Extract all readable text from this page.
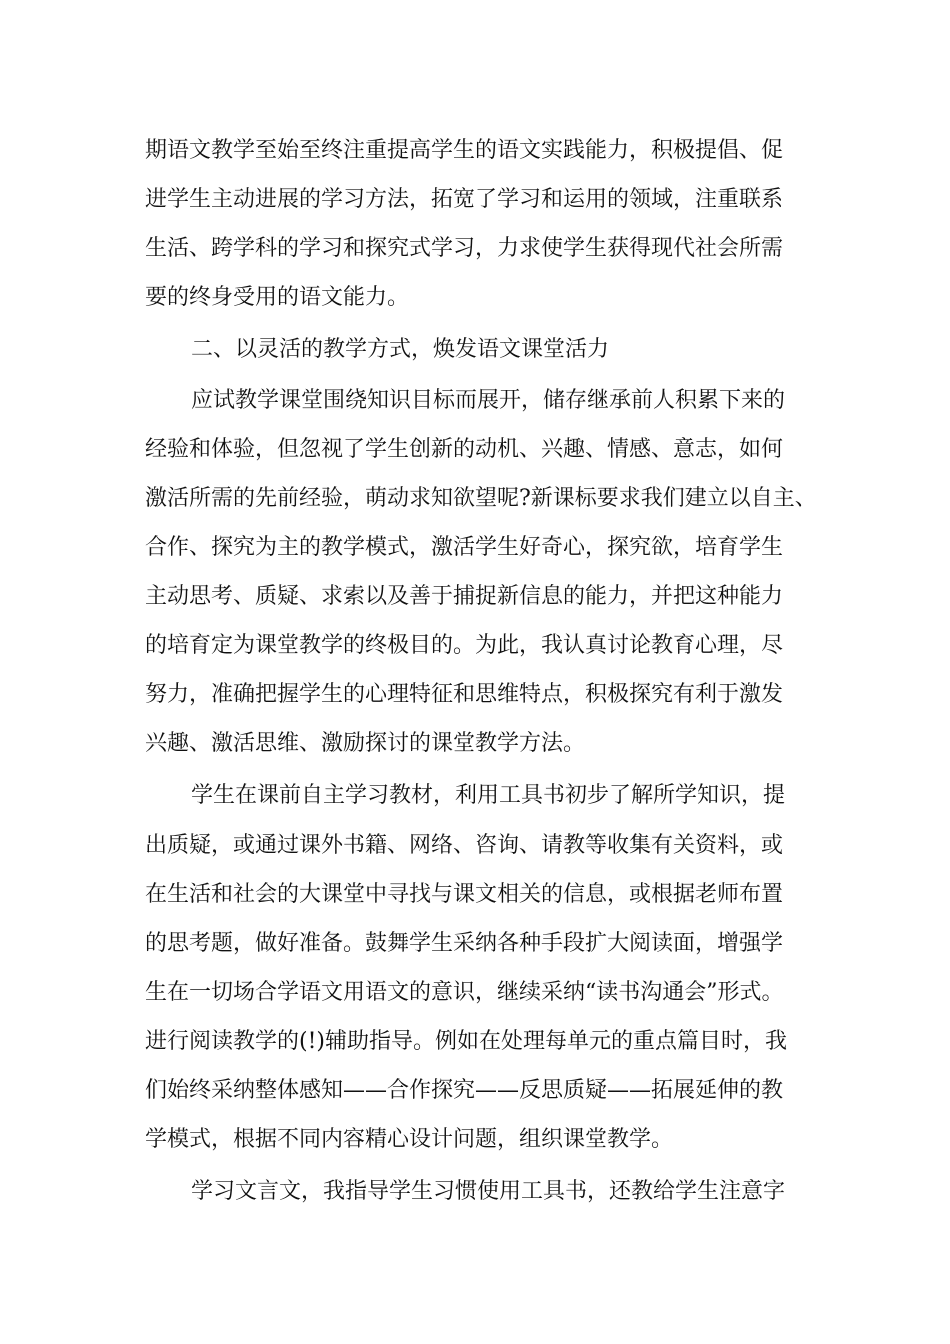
期语文教学至始至终注重提高学生的语文实践能力，积极提倡、促
进学生主动进展的学习方法，拓宽了学习和运用的领域，注重联系
生活、跨学科的学习和探究式学习，力求使学生获得现代社会所需
要的终身受用的语文能力。
二、以灵活的教学方式，焕发语文课堂活力
应试教学课堂围绕知识目标而展开，储存继承前人积累下来的
经验和体验，但忽视了学生创新的动机、兴趣、情感、意志，如何
激活所需的先前经验，萌动求知欲望呢?新课标要求我们建立以自主、
合作、探究为主的教学模式，激活学生好奇心，探究欲，培育学生
主动思考、质疑、求索以及善于捕捉新信息的能力，并把这种能力
的培育定为课堂教学的终极目的。为此，我认真讨论教育心理，尽
努力，准确把握学生的心理特征和思维特点，积极探究有利于激发
兴趣、激活思维、激励探讨的课堂教学方法。
学生在课前自主学习教材，利用工具书初步了解所学知识，提
出质疑，或通过课外书籍、网络、咨询、请教等收集有关资料，或
在生活和社会的大课堂中寻找与课文相关的信息，或根据老师布置
的思考题，做好准备。鼓舞学生采纳各种手段扩大阅读面，增强学
生在一切场合学语文用语文的意识，继续采纳“读书沟通会”形式。
进行阅读教学的(!)辅助指导。例如在处理每单元的重点篇目时，我
们始终采纳整体感知——合作探究——反思质疑——拓展延伸的教
学模式，根据不同内容精心设计问题，组织课堂教学。
学习文言文，我指导学生习惯使用工具书，还教给学生注意字
